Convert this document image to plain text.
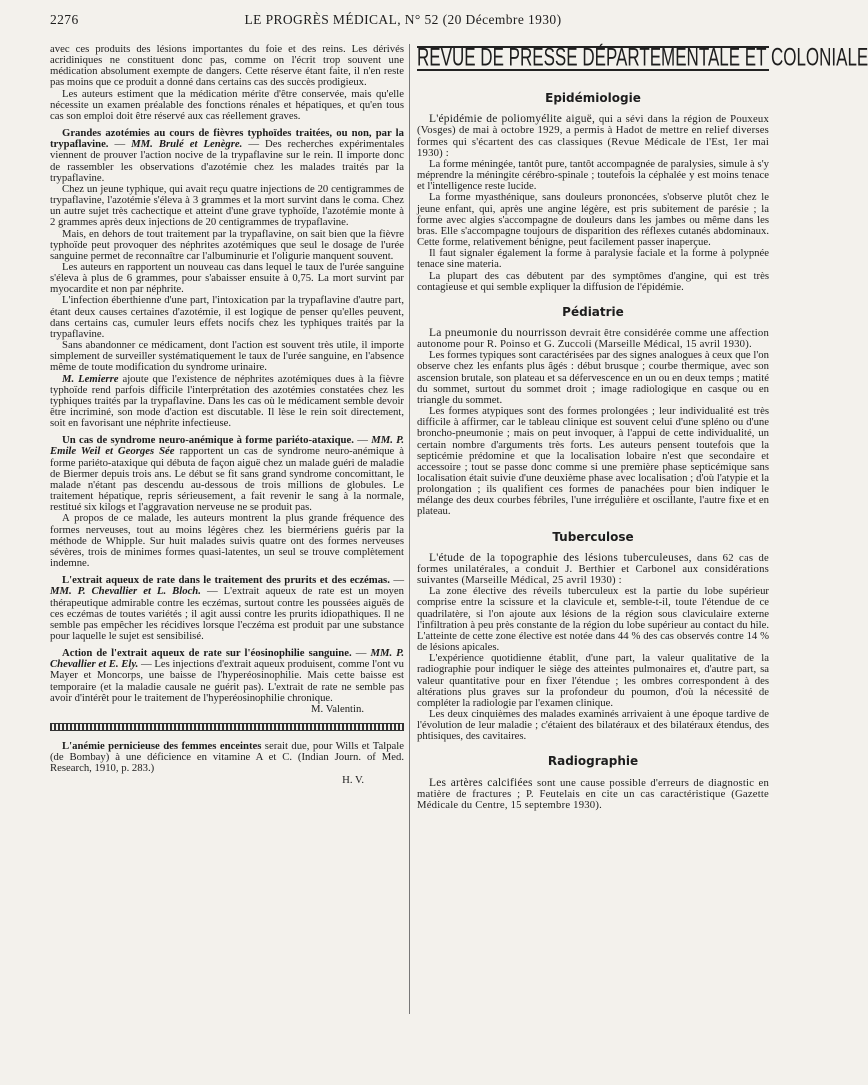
2276	LE PROGRÈS MÉDICAL, N° 52 (20 Décembre 1930)

avec ces produits des lésions importantes du foie et des reins. Les dérivés acridiniques ne constituent donc pas, comme on l'écrit trop souvent une médication absolument exempte de dangers. Cette réserve étant faite, il n'en reste pas moins que ce produit a donné dans certains cas des succès prodigieux.

Les auteurs estiment que la médication mérite d'être conservée, mais qu'elle nécessite un examen préalable des fonctions rénales et hépatiques, et qu'en tous cas son emploi doit être réservé aux cas réellement graves.

Grandes azotémies au cours de fièvres typhoïdes traitées, ou non, par la trypaflavine. — MM. Brulé et Lenègre. — Des recherches expérimentales viennent de prouver l'action nocive de la trypaflavine sur le rein. Il importe donc de rassembler les observations d'azotémie chez les malades traités par la trypaflavine.

Chez un jeune typhique, qui avait reçu quatre injections de 20 centigrammes de trypaflavine, l'azotémie s'éleva à 3 grammes et la mort survint dans le coma. Chez un autre sujet très cachectique et atteint d'une grave typhoïde, l'azotémie monte à 2 grammes après deux injections de 20 centigrammes de trypaflavine.

Mais, en dehors de tout traitement par la trypaflavine, on sait bien que la fièvre typhoïde peut provoquer des néphrites azotémiques que seul le dosage de l'urée sanguine permet de reconnaître car l'albuminurie et l'oligurie manquent souvent.

Les auteurs en rapportent un nouveau cas dans lequel le taux de l'urée sanguine s'éleva à plus de 6 grammes, pour s'abaisser ensuite à 0,75. La mort survint par myocardite et non par néphrite.

L'infection éberthienne d'une part, l'intoxication par la trypaflavine d'autre part, étant deux causes certaines d'azotémie, il est logique de penser qu'elles peuvent, dans certains cas, cumuler leurs effets nocifs chez les typhiques traités par la trypaflavine.

Sans abandonner ce médicament, dont l'action est souvent très utile, il importe simplement de surveiller systématiquement le taux de l'urée sanguine, en l'absence même de toute modification du syndrome urinaire.

M. Lemierre ajoute que l'existence de néphrites azotémiques dues à la fièvre typhoïde rend parfois difficile l'interprétation des azotémies constatées chez les typhiques traités par la trypaflavine. Dans les cas où le médicament semble devoir être incriminé, son mode d'action est discutable. Il lèse le rein soit directement, soit en favorisant une néphrite infectieuse.

Un cas de syndrome neuro-anémique à forme pariéto-ataxique. — MM. P. Emile Weil et Georges Sée rapportent un cas de syndrome neuro-anémique à forme pariéto-ataxique qui débuta de façon aiguë chez un malade guéri de maladie de Biermer depuis trois ans. Le début se fit sans grand syndrome concomittant, le malade n'étant pas descendu au-dessous de trois millions de globules. Le traitement hépatique, repris sérieusement, a fait revenir le sang à la normale, restitué six kilogs et l'aggravation nerveuse ne se produit pas.

A propos de ce malade, les auteurs montrent la plus grande fréquence des formes nerveuses, tout au moins légères chez les biermériens guéris par la méthode de Whipple. Sur huit malades suivis quatre ont des formes nerveuses sévères, trois de minimes formes quasi-latentes, un seul se trouve complètement indemne.

L'extrait aqueux de rate dans le traitement des prurits et des eczémas. — MM. P. Chevallier et L. Bloch. — L'extrait aqueux de rate est un moyen thérapeutique admirable contre les eczémas, surtout contre les poussées aiguës de ces eczémas de toutes variétés ; il agit aussi contre les prurits idiopathiques. Il ne semble pas empêcher les récidives lorsque l'eczéma est produit par une substance pour laquelle le sujet est sensibilisé.

Action de l'extrait aqueux de rate sur l'éosinophilie sanguine. — MM. P. Chevallier et E. Ely. — Les injections d'extrait aqueux produisent, comme l'ont vu Mayer et Moncorps, une baisse de l'hyperéosinophilie. Mais cette baisse est temporaire (et la maladie causale ne guérit pas). L'extrait de rate ne semble pas avoir d'intérêt pour le traitement de l'hyperéosinophilie chronique.

M. Valentin.

L'anémie pernicieuse des femmes enceintes serait due, pour Wills et Talpale (de Bombay) à une déficience en vitamine A et C. (Indian Journ. of Med. Research, 1910, p. 283.)

H. V.

REVUE DE PRESSE DÉPARTEMENTALE ET COLONIALE

Epidémiologie

L'épidémie de poliomyélite aiguë, qui a sévi dans la région de Pouxeux (Vosges) de mai à octobre 1929, a permis à Hadot de mettre en relief diverses formes qui s'écartent des cas classiques (Revue Médicale de l'Est, 1er mai 1930) :

La forme méningée, tantôt pure, tantôt accompagnée de paralysies, simule à s'y méprendre la méningite cérébro-spinale ; toutefois la céphalée y est moins tenace et l'intelligence reste lucide.

La forme myasthénique, sans douleurs prononcées, s'observe plutôt chez le jeune enfant, qui, après une angine légère, est pris subitement de parésie ; la forme avec algies s'accompagne de douleurs dans les jambes ou même dans les bras. Elle s'accompagne toujours de disparition des réflexes cutanés abdominaux. Cette forme, relativement bénigne, peut facilement passer inaperçue.

Il faut signaler également la forme à paralysie faciale et la forme à polypnée tenace sine materia.

La plupart des cas débutent par des symptômes d'angine, qui est très contagieuse et qui semble expliquer la diffusion de l'épidémie.

Pédiatrie

La pneumonie du nourrisson devrait être considérée comme une affection autonome pour R. Poinso et G. Zuccoli (Marseille Médical, 15 avril 1930).

Les formes typiques sont caractérisées par des signes analogues à ceux que l'on observe chez les enfants plus âgés : début brusque ; courbe thermique, avec son ascension brutale, son plateau et sa défervescence en un ou en deux temps ; matité du sommet, surtout du sommet droit ; image radiologique en casque ou en triangle du sommet.

Les formes atypiques sont des formes prolongées ; leur individualité est très difficile à affirmer, car le tableau clinique est souvent celui d'une spléno ou d'une broncho-pneumonie ; mais on peut invoquer, à l'appui de cette individualité, un certain nombre d'arguments très forts. Les auteurs pensent toutefois que la septicémie prédomine et que la localisation lobaire n'est que secondaire et accessoire ; tout se passe donc comme si une première phase septicémique sans localisation était suivie d'une deuxième phase avec localisation ; d'où l'atypie et la prolongation ; ils qualifient ces formes de panachées pour bien indiquer le mélange des deux courbes fébriles, l'une irrégulière et oscillante, l'autre fixe et en plateau.

Tuberculose

L'étude de la topographie des lésions tuberculeuses, dans 62 cas de formes unilatérales, a conduit J. Berthier et Carbonel aux considérations suivantes (Marseille Médical, 25 avril 1930) :

La zone élective des réveils tuberculeux est la partie du lobe supérieur comprise entre la scissure et la clavicule et, semble-t-il, toute l'étendue de ce quadrilatère, si l'on ajoute aux lésions de la région sous claviculaire externe l'infiltration à peu près constante de la région du lobe supérieur au contact du hile. L'atteinte de cette zone élective est notée dans 44 % des cas observés contre 14 % de lésions apicales.

L'expérience quotidienne établit, d'une part, la valeur qualitative de la radiographie pour indiquer le siège des atteintes pulmonaires et, d'autre part, sa valeur quantitative pour en fixer l'étendue ; les ombres correspondent à des altérations plus graves sur la profondeur du poumon, d'où la nécessité de compléter la radiologie par l'examen clinique.

Les deux cinquièmes des malades examinés arrivaient à une époque tardive de l'évolution de leur maladie ; c'étaient des bilatéraux et des bilatéraux étendus, des phtisiques, des cavitaires.

Radiographie

Les artères calcifiées sont une cause possible d'erreurs de diagnostic en matière de fractures ; P. Feutelais en cite un cas caractéristique (Gazette Médicale du Centre, 15 septembre 1930).
